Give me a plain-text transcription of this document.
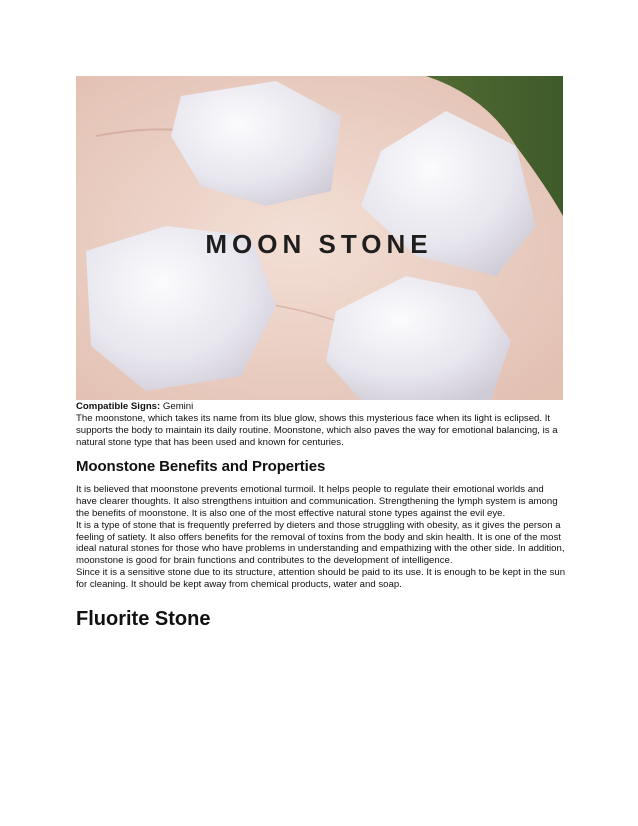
MOON STONE

Compatible Signs: Gemini

The moonstone, which takes its name from its blue glow, shows this mysterious face when its light is eclipsed. It supports the body to maintain its daily routine. Moonstone, which also paves the way for emotional balancing, is a natural stone type that has been used and known for centuries.

Moonstone Benefits and Properties

It is believed that moonstone prevents emotional turmoil. It helps people to regulate their emotional worlds and have clearer thoughts. It also strengthens intuition and communication. Strengthening the lymph system is among the benefits of moonstone. It is also one of the most effective natural stone types against the evil eye.

It is a type of stone that is frequently preferred by dieters and those struggling with obesity, as it gives the person a feeling of satiety. It also offers benefits for the removal of toxins from the body and skin health. It is one of the most ideal natural stones for those who have problems in understanding and empathizing with the other side. In addition, moonstone is good for brain functions and contributes to the development of intelligence.

Since it is a sensitive stone due to its structure, attention should be paid to its use. It is enough to be kept in the sun for cleaning. It should be kept away from chemical products, water and soap.

Fluorite Stone
